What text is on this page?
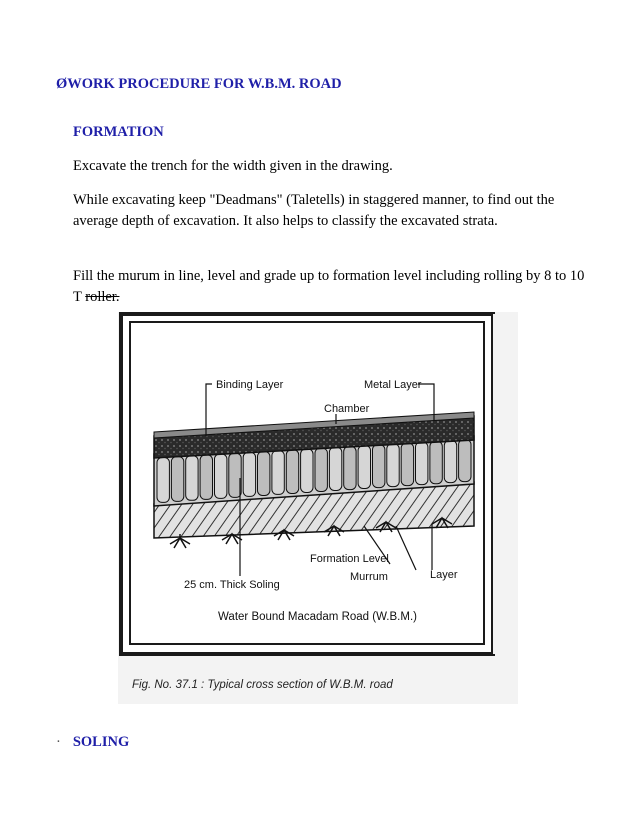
ØWORK PROCEDURE FOR W.B.M. ROAD
FORMATION
Excavate the trench for the width given in the drawing.
While excavating keep "Deadmans" (Taletells) in staggered manner, to find out the average depth of excavation. It also helps to classify the excavated strata.
Fill the murum in line, level and grade up to formation level including rolling by 8 to 10 T roller.
Binding Layer	Metal Layer
Chamber
Formation Level
Murrum	Layer
25 cm. Thick Soling
Water Bound Macadam Road (W.B.M.)
Fig. No. 37.1 : Typical cross section of W.B.M. road
· SOLING
